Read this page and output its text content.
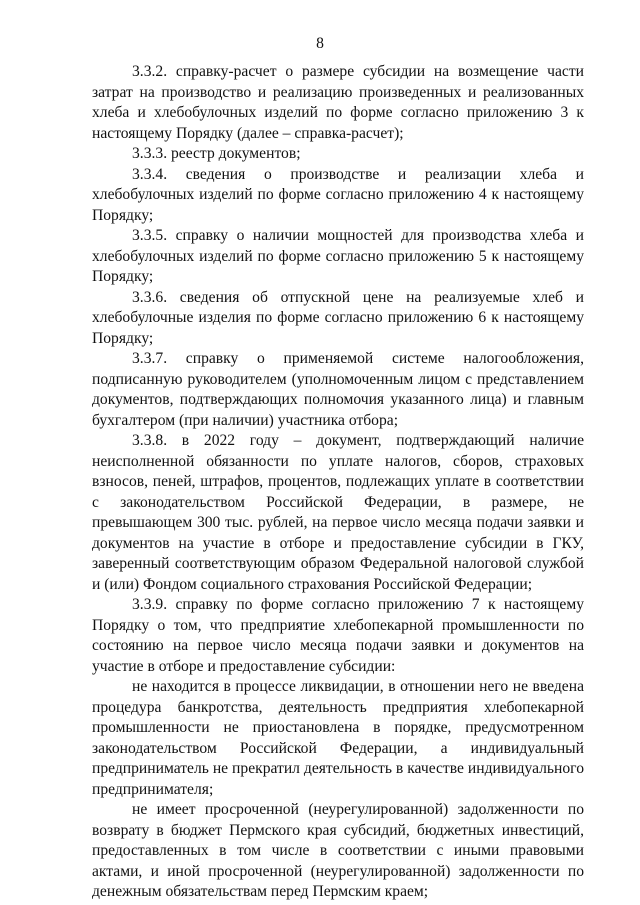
8

3.3.2. справку-расчет о размере субсидии на возмещение части затрат на производство и реализацию произведенных и реализованных хлеба и хлебобулочных изделий по форме согласно приложению 3 к настоящему Порядку (далее – справка-расчет);

3.3.3. реестр документов;

3.3.4. сведения о производстве и реализации хлеба и хлебобулочных изделий по форме согласно приложению 4 к настоящему Порядку;

3.3.5. справку о наличии мощностей для производства хлеба и хлебобулочных изделий по форме согласно приложению 5 к настоящему Порядку;

3.3.6. сведения об отпускной цене на реализуемые хлеб и хлебобулочные изделия по форме согласно приложению 6 к настоящему Порядку;

3.3.7. справку о применяемой системе налогообложения, подписанную руководителем (уполномоченным лицом с представлением документов, подтверждающих полномочия указанного лица) и главным бухгалтером (при наличии) участника отбора;

3.3.8. в 2022 году – документ, подтверждающий наличие неисполненной обязанности по уплате налогов, сборов, страховых взносов, пеней, штрафов, процентов, подлежащих уплате в соответствии с законодательством Российской Федерации, в размере, не превышающем 300 тыс. рублей, на первое число месяца подачи заявки и документов на участие в отборе и предоставление субсидии в ГКУ, заверенный соответствующим образом Федеральной налоговой службой и (или) Фондом социального страхования Российской Федерации;

3.3.9. справку по форме согласно приложению 7 к настоящему Порядку о том, что предприятие хлебопекарной промышленности по состоянию на первое число месяца подачи заявки и документов на участие в отборе и предоставление субсидии:

не находится в процессе ликвидации, в отношении него не введена процедура банкротства, деятельность предприятия хлебопекарной промышленности не приостановлена в порядке, предусмотренном законодательством Российской Федерации, а индивидуальный предприниматель не прекратил деятельность в качестве индивидуального предпринимателя;

не имеет просроченной (неурегулированной) задолженности по возврату в бюджет Пермского края субсидий, бюджетных инвестиций, предоставленных в том числе в соответствии с иными правовыми актами, и иной просроченной (неурегулированной) задолженности по денежным обязательствам перед Пермским краем;
